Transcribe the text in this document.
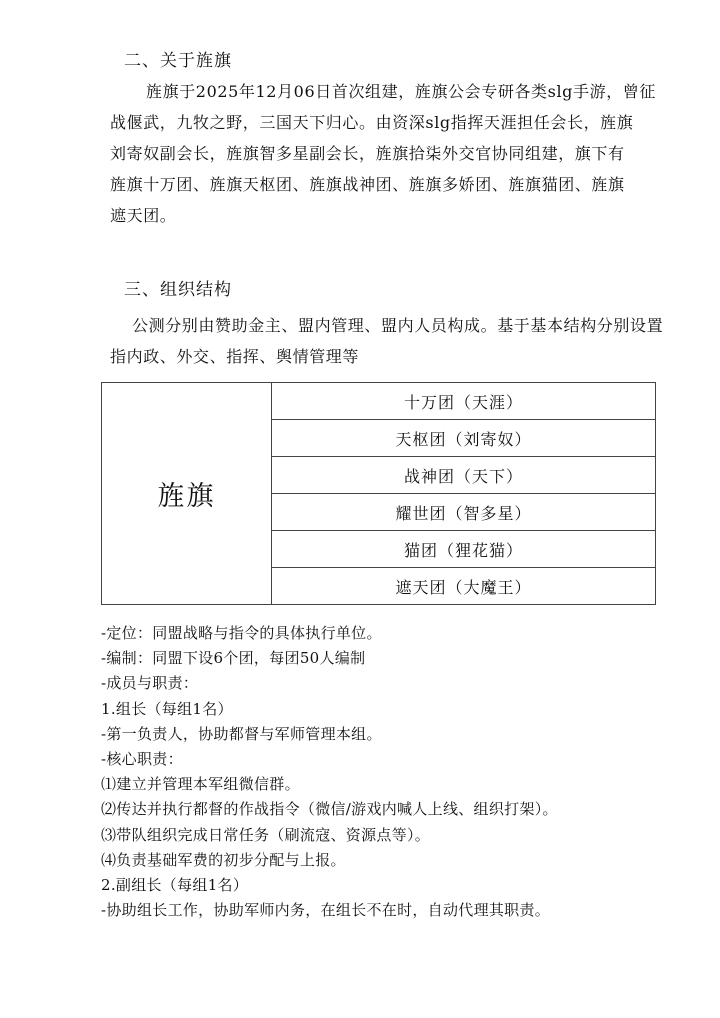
二、关于旌旗
旌旗于2025年12月06日首次组建，旌旗公会专研各类slg手游，曾征
战偃武，九牧之野，三国天下归心。由资深slg指挥天涯担任会长，旌旗
刘寄奴副会长，旌旗智多星副会长，旌旗拾柒外交官协同组建，旗下有
旌旗十万团、旌旗天枢团、旌旗战神团、旌旗多娇团、旌旗猫团、旌旗
遮天团。
三、组织结构
公测分别由赞助金主、盟内管理、盟内人员构成。基于基本结构分别设置
指内政、外交、指挥、舆情管理等
旌旗	十万团（天涯）
天枢团（刘寄奴）
战神团（天下）
耀世团（智多星）
猫团（狸花猫）
遮天团（大魔王）
-定位：同盟战略与指令的具体执行单位。
-编制：同盟下设6个团，每团50人编制
-成员与职责：
1.组长（每组1名）
-第一负责人，协助都督与军师管理本组。
-核心职责：
⑴建立并管理本军组微信群。
⑵传达并执行都督的作战指令（微信/游戏内喊人上线、组织打架）。
⑶带队组织完成日常任务（刷流寇、资源点等）。
⑷负责基础军费的初步分配与上报。
2.副组长（每组1名）
-协助组长工作，协助军师内务，在组长不在时，自动代理其职责。
